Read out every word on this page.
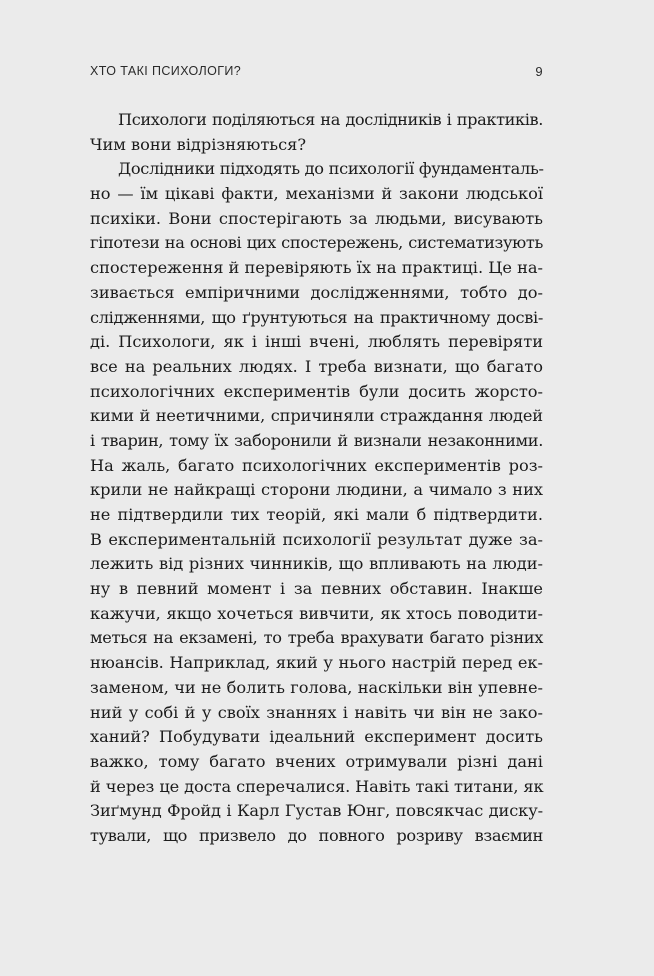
ХТО ТАКІ ПСИХОЛОГИ?	9
Психологи поділяються на дослідників і практиків.
Чим вони відрізняються?
Дослідники підходять до психології фундаменталь-
но — їм цікаві факти, механізми й закони людської
психіки. Вони спостерігають за людьми, висувають
гіпотези на основі цих спостережень, систематизують
спостереження й перевіряють їх на практиці. Це на-
зивається емпіричними дослідженнями, тобто до-
слідженнями, що ґрунтуються на практичному досві-
ді. Психологи, як і інші вчені, люблять перевіряти
все на реальних людях. І треба визнати, що багато
психологічних експериментів були досить жорсто-
кими й неетичними, спричиняли страждання людей
і тварин, тому їх заборонили й визнали незаконними.
На жаль, багато психологічних експериментів роз-
крили не найкращі сторони людини, а чимало з них
не підтвердили тих теорій, які мали б підтвердити.
В експериментальній психології результат дуже за-
лежить від різних чинників, що впливають на люди-
ну в певний момент і за певних обставин. Інакше
кажучи, якщо хочеться вивчити, як хтось поводити-
меться на екзамені, то треба врахувати багато різних
нюансів. Наприклад, який у нього настрій перед ек-
заменом, чи не болить голова, наскільки він упевне-
ний у собі й у своїх знаннях і навіть чи він не зако-
ханий? Побудувати ідеальний експеримент досить
важко, тому багато вчених отримували різні дані
й через це доста сперечалися. Навіть такі титани, як
Зиґмунд Фройд і Карл Густав Юнг, повсякчас диску-
тували, що призвело до повного розриву взаємин
